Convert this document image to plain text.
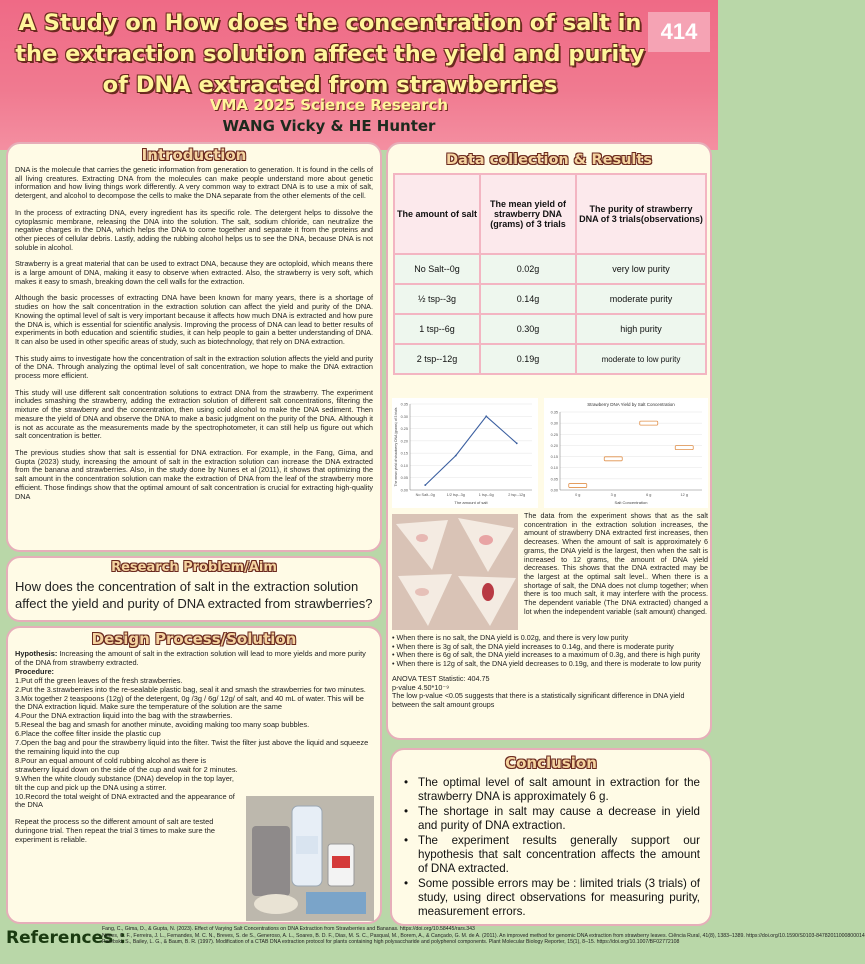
A Study on How does the concentration of salt in the extraction solution affect the yield and purity of DNA extracted from strawberries
414
VMA 2025 Science Research
WANG Vicky & HE Hunter
Introduction

DNA is the molecule that carries the genetic information from generation to generation. It is found in the cells of all living creatures. Extracting DNA from the molecules can make people understand more about genetic information and how living things work differently. A very common way to extract DNA is to use a mix of salt, detergent, and alcohol to decompose the cells to make the DNA separate from the other elements of the cell.

In the process of extracting DNA, every ingredient has its specific role. The detergent helps to dissolve the cytoplasmic membrane, releasing the DNA into the solution. The salt, sodium chloride, can neutralize the negative charges in the DNA, which helps the DNA to come together and separate it from the proteins and other pieces of cellular debris. Lastly, adding the rubbing alcohol helps us to see the DNA, because DNA is not soluble in alcohol.

Strawberry is a great material that can be used to extract DNA, because they are octoploid, which means there is a large amount of DNA, making it easy to observe when extracted. Also, the strawberry is very soft, which makes it easy to smash, breaking down the cell walls for the extraction.

Although the basic processes of extracting DNA have been known for many years, there is a shortage of studies on how the salt concentration in the extraction solution can affect the yield and purity of the DNA. Knowing the optimal level of salt is very important because it affects how much DNA is extracted and how pure the DNA is, which is essential for scientific analysis. Improving the process of DNA can lead to better results of experiments in both education and scientific studies, it can help people to gain a better understanding of DNA. It can also be used in other specific areas of study, such as biotechnology, that rely on DNA extraction.

This study aims to investigate how the concentration of salt in the extraction solution affects the yield and purity of the DNA. Through analyzing the optimal level of salt concentration, we hope to make the DNA extraction process more efficient.

This study will use different salt concentration solutions to extract DNA from the strawberry. The experiment includes smashing the strawberry, adding the extraction solution of different salt concentrations, filtering the mixture of the strawberry and the concentration, then using cold alcohol to make the DNA sediment. Then measure the yield of DNA and observe the DNA to make a basic judgment on the purity of the DNA. Although it is not as accurate as the measurements made by the spectrophotometer, it can still help us figure out which salt concentration is better.

The previous studies show that salt is essential for DNA extraction. For example, in the Fang, Gima, and Gupta (2023) study, increasing the amount of salt in the extraction solution can increase the DNA extracted from the banana and strawberries. Also, in the study done by Nunes et al (2011), it shows that optimizing the salt amount in the concentration solution can make the extraction of DNA from the leaf of the strawberry more efficient. Those findings show that the optimal amount of salt concentration is crucial for extracting high-quality DNA

Research Problem/Aim
How does the concentration of salt in the extraction solution affect the yield and purity of DNA extracted from strawberries?
Design Process/Solution

Hypothesis: Increasing the amount of salt in the extraction solution will lead to more yields and more purity of the DNA from strawberry extracted.

Procedure:

1.Put off the green leaves of the fresh strawberries.

2.Put the 3.strawberries into the re-sealable plastic bag, seal it and smash the strawberries for two minutes.

3.Mix together 2 teaspoons (12g) of the detergent, 0g /3g / 6g/ 12g/ of salt, and 40 mL of water. This will be the DNA extraction liquid. Make sure the temperature of the solution are the same

4.Pour the DNA extraction liquid into the bag with the strawberries.

5.Reseal the bag and smash for another minute, avoiding making too many soap bubbles.

6.Place the coffee filter inside the plastic cup

7.Open the bag and pour the strawberry liquid into the filter. Twist the filter just above the liquid and squeeze the remaining liquid into the cup

8.Pour an equal amount of cold rubbing alcohol as there is strawberry liquid down on the side of the cup and wait for 2 minutes.

9.When the white cloudy substance (DNA) develop in the top layer, tilt the cup and pick up the DNA using a stirrer.

10.Record the total weight of DNA extracted and the appearance of the DNA

Repeat the process so the different amount of salt are tested duringone trial. Then repeat the trial 3 times to make sure the experiment is reliable.

Data collection & Results
The amount of salt	The mean yield of strawberry DNA (grams) of 3 trials	The purity of strawberry DNA of 3 trials(observations)
No Salt--0g	0.02g	very low purity
½ tsp--3g	0.14g	moderate purity
1 tsp--6g	0.30g	high purity
2 tsp--12g	0.19g	moderate to low purity
0.00
0.05
0.10
0.15
0.20
0.25
0.30
0.35
No Salt--0g	1/2 tsp--3g	1 tsp--6g	2 tsp--12g
The amount of salt
The mean yield of strawberry DNA (grams) of 3 trials
Strawberry DNA Yield by Salt Concentration
0.00
0.05
0.10
0.15
0.20
0.25
0.30
0.35
0 g	3 g	6 g	12 g
Salt Concentration
The data from the experiment shows that as the salt concentration in the extraction solution increases, the amount of strawberry DNA extracted first increases, then decreases. When the amount of salt is approximately 6 grams, the DNA yield is the largest, then when the salt is increased to 12 grams, the amount of DNA yield decreases. This shows that the DNA extracted may be the largest at the optimal salt level.. When there is a shortage of salt, the DNA does not clump together; when there is too much salt, it may interfere with the process. The dependent variable (The DNA extracted) changed a lot when the independent variable (salt amount) changed.
• When there is no salt, the DNA yield is 0.02g, and there is very low purity
• When there is 3g of salt, the DNA yield increases to 0.14g, and there is moderate purity
• When there is 6g of salt, the DNA yield increases to a maximum of 0.3g, and there is high purity
• When there is 12g of salt, the DNA yield decreases to 0.19g, and there is moderate to low purity
ANOVA TEST Statistic: 404.75
p-value 4.50*10⁻⁹
The low p-value <0.05 suggests that there is a statistically significant difference in DNA yield between the salt amount groups
Conclusion
• The optimal level of salt amount in extraction for the strawberry DNA is approximately 6 g.
• The shortage in salt may cause a decrease in yield and purity of DNA extraction.
• The experiment results generally support our hypothesis that salt concentration affects the amount of DNA extracted.
• Some possible errors may be : limited trials (3 trials) of study, using direct observations for measuring purity, measurement errors.
References :
Fang, C., Gima, D., & Gupta, N. (2023). Effect of Varying Salt Concentrations on DNA Extraction from Strawberries and Bananas. https://doi.org/10.58445/rars.343
Nunes, C. F., Ferreira, J. L., Fernandes, M. C. N., Breves, S. de S., Generoso, A. L., Soares, B. D. F., Dias, M. S. C., Pasqual, M., Borem, A., & Cançado, G. M. de A. (2011). An improved method for genomic DNA extraction from strawberry leaves. Ciência Rural, 41(8), 1383–1389. https://doi.org/10.1590/S0103-84782011000800014
Porebski, S., Bailey, L. G., & Baum, B. R. (1997). Modification of a CTAB DNA extraction protocol for plants containing high polysaccharide and polyphenol components. Plant Molecular Biology Reporter, 15(1), 8–15. https://doi.org/10.1007/BF02772108
